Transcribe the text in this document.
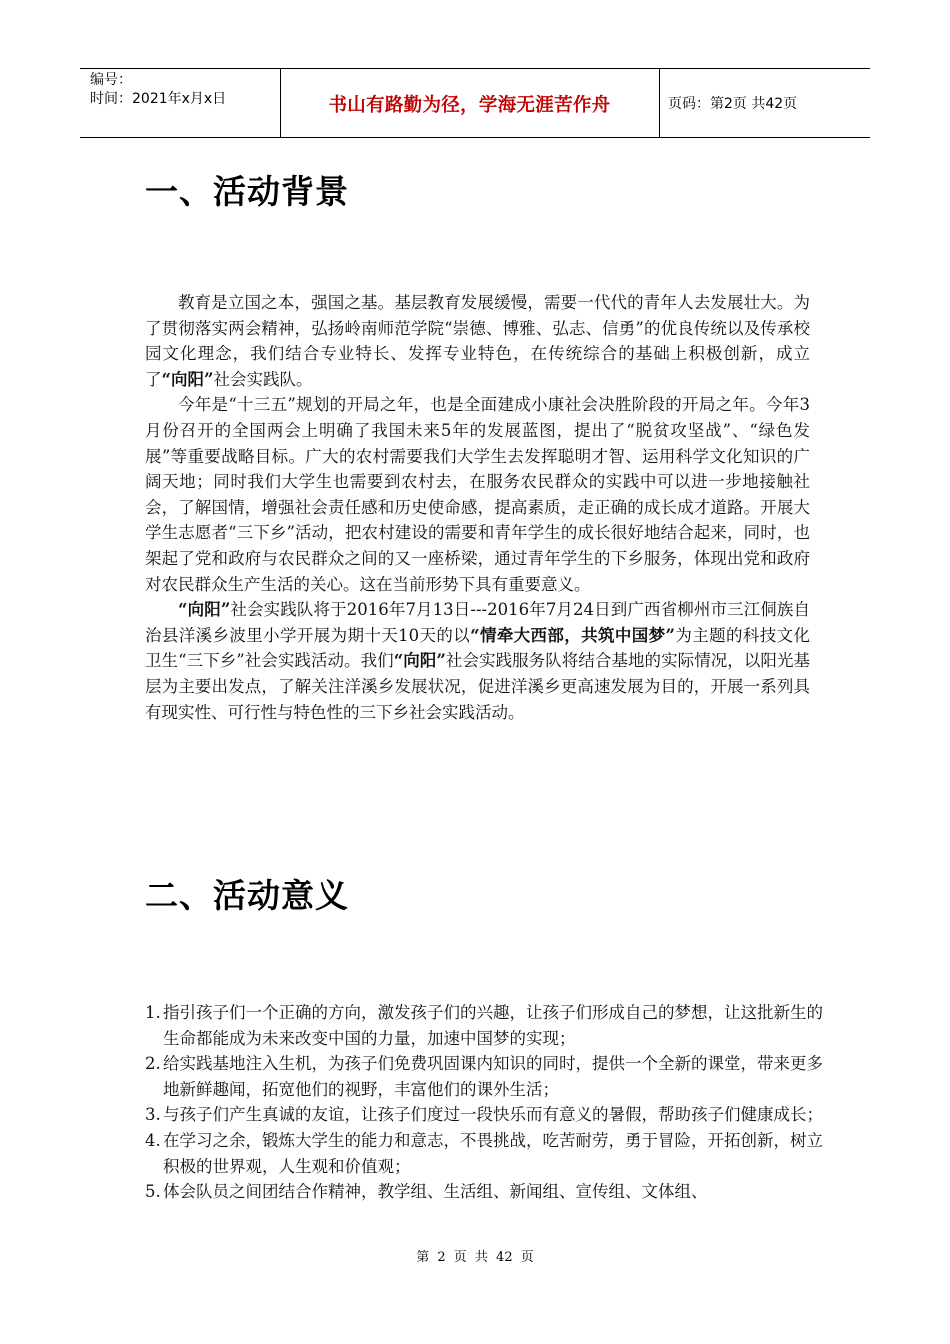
编号：
时间：2021年x月x日	书山有路勤为径，学海无涯苦作舟	页码：第2页 共42页
一、活动背景

教育是立国之本，强国之基。基层教育发展缓慢，需要一代代的青年人去发展壮大。为了贯彻落实两会精神，弘扬岭南师范学院“崇德、博雅、弘志、信勇”的优良传统以及传承校园文化理念，我们结合专业特长、发挥专业特色，在传统综合的基础上积极创新，成立了“向阳”社会实践队。

今年是“十三五”规划的开局之年，也是全面建成小康社会决胜阶段的开局之年。今年3月份召开的全国两会上明确了我国未来5年的发展蓝图，提出了“脱贫攻坚战”、“绿色发展”等重要战略目标。广大的农村需要我们大学生去发挥聪明才智、运用科学文化知识的广阔天地；同时我们大学生也需要到农村去，在服务农民群众的实践中可以进一步地接触社会，了解国情，增强社会责任感和历史使命感，提高素质，走正确的成长成才道路。开展大学生志愿者“三下乡”活动，把农村建设的需要和青年学生的成长很好地结合起来，同时，也架起了党和政府与农民群众之间的又一座桥梁，通过青年学生的下乡服务，体现出党和政府对农民群众生产生活的关心。这在当前形势下具有重要意义。

“向阳”社会实践队将于2016年7月13日---2016年7月24日到广西省柳州市三江侗族自治县洋溪乡波里小学开展为期十天10天的以“情牵大西部，共筑中国梦”为主题的科技文化卫生“三下乡”社会实践活动。我们“向阳”社会实践服务队将结合基地的实际情况，以阳光基层为主要出发点，了解关注洋溪乡发展状况，促进洋溪乡更高速发展为目的，开展一系列具有现实性、可行性与特色性的三下乡社会实践活动。

二、活动意义
1. 指引孩子们一个正确的方向，激发孩子们的兴趣，让孩子们形成自己的梦想，让这批新生的生命都能成为未来改变中国的力量，加速中国梦的实现；
2. 给实践基地注入生机，为孩子们免费巩固课内知识的同时，提供一个全新的课堂，带来更多地新鲜趣闻，拓宽他们的视野，丰富他们的课外生活；
3. 与孩子们产生真诚的友谊，让孩子们度过一段快乐而有意义的暑假，帮助孩子们健康成长；
4. 在学习之余，锻炼大学生的能力和意志，不畏挑战，吃苦耐劳，勇于冒险，开拓创新，树立积极的世界观，人生观和价值观；
5. 体会队员之间团结合作精神，教学组、生活组、新闻组、宣传组、文体组、
第 2 页 共 42 页
